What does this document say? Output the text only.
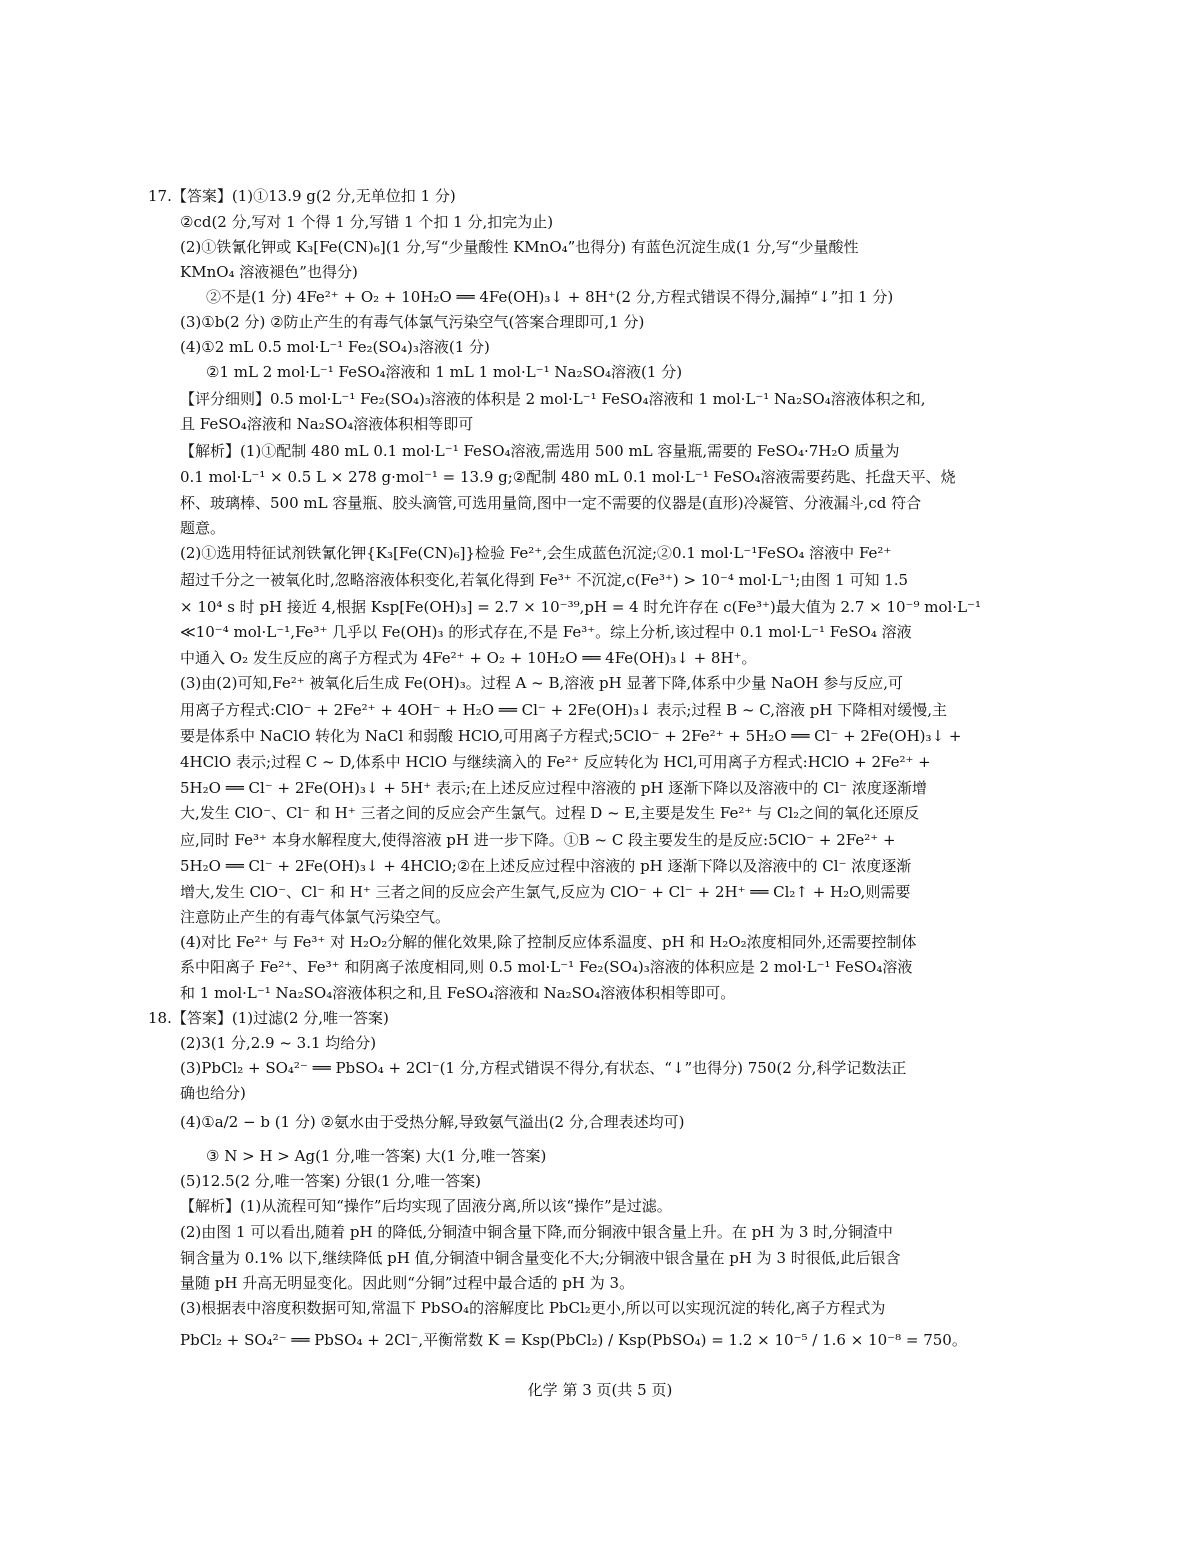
17.【答案】(1)①13.9 g(2 分,无单位扣 1 分)
②cd(2 分,写对 1 个得 1 分,写错 1 个扣 1 分,扣完为止)
(2)①铁氰化钾或 K₃[Fe(CN)₆](1 分,写“少量酸性 KMnO₄”也得分) 有蓝色沉淀生成(1 分,写“少量酸性
KMnO₄ 溶液褪色”也得分)
②不是(1 分) 4Fe²⁺ + O₂ + 10H₂O ══ 4Fe(OH)₃↓ + 8H⁺(2 分,方程式错误不得分,漏掉“↓”扣 1 分)
(3)①b(2 分) ②防止产生的有毒气体氯气污染空气(答案合理即可,1 分)
(4)①2 mL 0.5 mol·L⁻¹ Fe₂(SO₄)₃溶液(1 分)
②1 mL 2 mol·L⁻¹ FeSO₄溶液和 1 mL 1 mol·L⁻¹ Na₂SO₄溶液(1 分)
【评分细则】0.5 mol·L⁻¹ Fe₂(SO₄)₃溶液的体积是 2 mol·L⁻¹ FeSO₄溶液和 1 mol·L⁻¹ Na₂SO₄溶液体积之和,
且 FeSO₄溶液和 Na₂SO₄溶液体积相等即可
【解析】(1)①配制 480 mL 0.1 mol·L⁻¹ FeSO₄溶液,需选用 500 mL 容量瓶,需要的 FeSO₄·7H₂O 质量为
0.1 mol·L⁻¹ × 0.5 L × 278 g·mol⁻¹ = 13.9 g;②配制 480 mL 0.1 mol·L⁻¹ FeSO₄溶液需要药匙、托盘天平、烧
杯、玻璃棒、500 mL 容量瓶、胶头滴管,可选用量筒,图中一定不需要的仪器是(直形)冷凝管、分液漏斗,cd 符合
题意。
(2)①选用特征试剂铁氰化钾{K₃[Fe(CN)₆]}检验 Fe²⁺,会生成蓝色沉淀;②0.1 mol·L⁻¹FeSO₄ 溶液中 Fe²⁺
超过千分之一被氧化时,忽略溶液体积变化,若氧化得到 Fe³⁺ 不沉淀,c(Fe³⁺) > 10⁻⁴ mol·L⁻¹;由图 1 可知 1.5
× 10⁴ s 时 pH 接近 4,根据 Ksp[Fe(OH)₃] = 2.7 × 10⁻³⁹,pH = 4 时允许存在 c(Fe³⁺)最大值为 2.7 × 10⁻⁹ mol·L⁻¹
≪10⁻⁴ mol·L⁻¹,Fe³⁺ 几乎以 Fe(OH)₃ 的形式存在,不是 Fe³⁺。综上分析,该过程中 0.1 mol·L⁻¹ FeSO₄ 溶液
中通入 O₂ 发生反应的离子方程式为 4Fe²⁺ + O₂ + 10H₂O ══ 4Fe(OH)₃↓ + 8H⁺。
(3)由(2)可知,Fe²⁺ 被氧化后生成 Fe(OH)₃。过程 A ~ B,溶液 pH 显著下降,体系中少量 NaOH 参与反应,可
用离子方程式:ClO⁻ + 2Fe²⁺ + 4OH⁻ + H₂O ══ Cl⁻ + 2Fe(OH)₃↓ 表示;过程 B ~ C,溶液 pH 下降相对缓慢,主
要是体系中 NaClO 转化为 NaCl 和弱酸 HClO,可用离子方程式;5ClO⁻ + 2Fe²⁺ + 5H₂O ══ Cl⁻ + 2Fe(OH)₃↓ +
4HClO 表示;过程 C ~ D,体系中 HClO 与继续滴入的 Fe²⁺ 反应转化为 HCl,可用离子方程式:HClO + 2Fe²⁺ +
5H₂O ══ Cl⁻ + 2Fe(OH)₃↓ + 5H⁺ 表示;在上述反应过程中溶液的 pH 逐渐下降以及溶液中的 Cl⁻ 浓度逐渐增
大,发生 ClO⁻、Cl⁻ 和 H⁺ 三者之间的反应会产生氯气。过程 D ~ E,主要是发生 Fe²⁺ 与 Cl₂之间的氧化还原反
应,同时 Fe³⁺ 本身水解程度大,使得溶液 pH 进一步下降。①B ~ C 段主要发生的是反应:5ClO⁻ + 2Fe²⁺ +
5H₂O ══ Cl⁻ + 2Fe(OH)₃↓ + 4HClO;②在上述反应过程中溶液的 pH 逐渐下降以及溶液中的 Cl⁻ 浓度逐渐
增大,发生 ClO⁻、Cl⁻ 和 H⁺ 三者之间的反应会产生氯气,反应为 ClO⁻ + Cl⁻ + 2H⁺ ══ Cl₂↑ + H₂O,则需要
注意防止产生的有毒气体氯气污染空气。
(4)对比 Fe²⁺ 与 Fe³⁺ 对 H₂O₂分解的催化效果,除了控制反应体系温度、pH 和 H₂O₂浓度相同外,还需要控制体
系中阳离子 Fe²⁺、Fe³⁺ 和阴离子浓度相同,则 0.5 mol·L⁻¹ Fe₂(SO₄)₃溶液的体积应是 2 mol·L⁻¹ FeSO₄溶液
和 1 mol·L⁻¹ Na₂SO₄溶液体积之和,且 FeSO₄溶液和 Na₂SO₄溶液体积相等即可。
18.【答案】(1)过滤(2 分,唯一答案)
(2)3(1 分,2.9 ~ 3.1 均给分)
(3)PbCl₂ + SO₄²⁻ ══ PbSO₄ + 2Cl⁻(1 分,方程式错误不得分,有状态、“↓”也得分) 750(2 分,科学记数法正
确也给分)
(4)①a/2 − b (1 分) ②氨水由于受热分解,导致氨气溢出(2 分,合理表述均可)
③ N > H > Ag(1 分,唯一答案) 大(1 分,唯一答案)
(5)12.5(2 分,唯一答案) 分银(1 分,唯一答案)
【解析】(1)从流程可知“操作”后均实现了固液分离,所以该“操作”是过滤。
(2)由图 1 可以看出,随着 pH 的降低,分铜渣中铜含量下降,而分铜液中银含量上升。在 pH 为 3 时,分铜渣中
铜含量为 0.1% 以下,继续降低 pH 值,分铜渣中铜含量变化不大;分铜液中银含量在 pH 为 3 时很低,此后银含
量随 pH 升高无明显变化。因此则“分铜”过程中最合适的 pH 为 3。
(3)根据表中溶度积数据可知,常温下 PbSO₄的溶解度比 PbCl₂更小,所以可以实现沉淀的转化,离子方程式为
PbCl₂ + SO₄²⁻ ══ PbSO₄ + 2Cl⁻,平衡常数 K = Ksp(PbCl₂) / Ksp(PbSO₄) = 1.2 × 10⁻⁵ / 1.6 × 10⁻⁸ = 750。
化学 第 3 页(共 5 页)
